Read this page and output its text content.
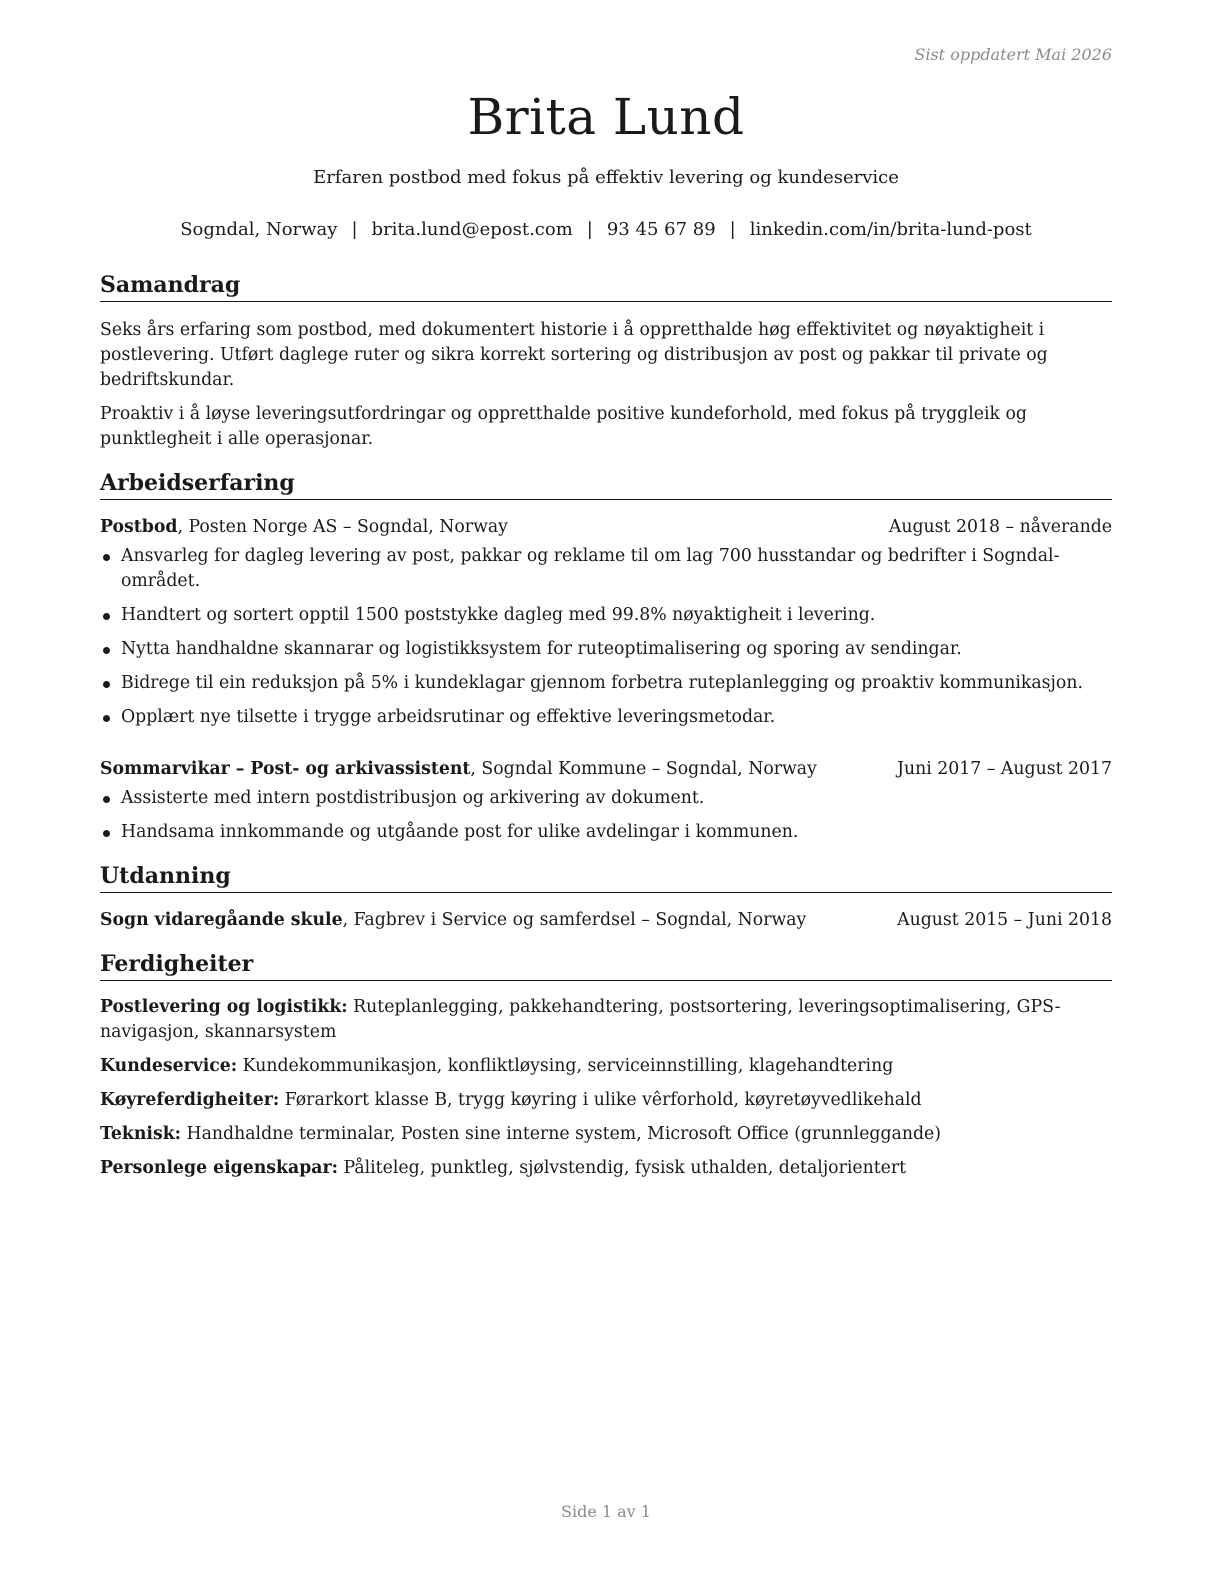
Sist oppdatert Mai 2026
Brita Lund
Erfaren postbod med fokus på effektiv levering og kundeservice
Sogndal, Norway | brita.lund@epost.com | 93 45 67 89 | linkedin.com/in/brita-lund-post
Samandrag

Seks års erfaring som postbod, med dokumentert historie i å oppretthalde høg effektivitet og nøyaktigheit i postlevering. Utført daglege ruter og sikra korrekt sortering og distribusjon av post og pakkar til private og bedriftskundar.

Proaktiv i å løyse leveringsutfordringar og oppretthalde positive kundeforhold, med fokus på tryggleik og punktlegheit i alle operasjonar.

Arbeidserfaring
Postbod, Posten Norge AS – Sogndal, Norway	August 2018 – nåverande
Ansvarleg for dagleg levering av post, pakkar og reklame til om lag 700 husstandar og bedrifter i Sogndal-området.
Handtert og sortert opptil 1500 poststykke dagleg med 99.8% nøyaktigheit i levering.
Nytta handhaldne skannarar og logistikksystem for ruteoptimalisering og sporing av sendingar.
Bidrege til ein reduksjon på 5% i kundeklagar gjennom forbetra ruteplanlegging og proaktiv kommunikasjon.
Opplært nye tilsette i trygge arbeidsrutinar og effektive leveringsmetodar.
Sommarvikar – Post- og arkivassistent, Sogndal Kommune – Sogndal, Norway	Juni 2017 – August 2017
Assisterte med intern postdistribusjon og arkivering av dokument.
Handsama innkommande og utgåande post for ulike avdelingar i kommunen.
Utdanning
Sogn vidaregåande skule, Fagbrev i Service og samferdsel – Sogndal, Norway	August 2015 – Juni 2018
Ferdigheiter
Postlevering og logistikk: Ruteplanlegging, pakkehandtering, postsortering, leveringsoptimalisering, GPS-navigasjon, skannarsystem
Kundeservice: Kundekommunikasjon, konfliktløysing, serviceinnstilling, klagehandtering
Køyreferdigheiter: Førarkort klasse B, trygg køyring i ulike vêrforhold, køyretøyvedlikehald
Teknisk: Handhaldne terminalar, Posten sine interne system, Microsoft Office (grunnleggande)
Personlege eigenskapar: Påliteleg, punktleg, sjølvstendig, fysisk uthalden, detaljorientert
Side 1 av 1
